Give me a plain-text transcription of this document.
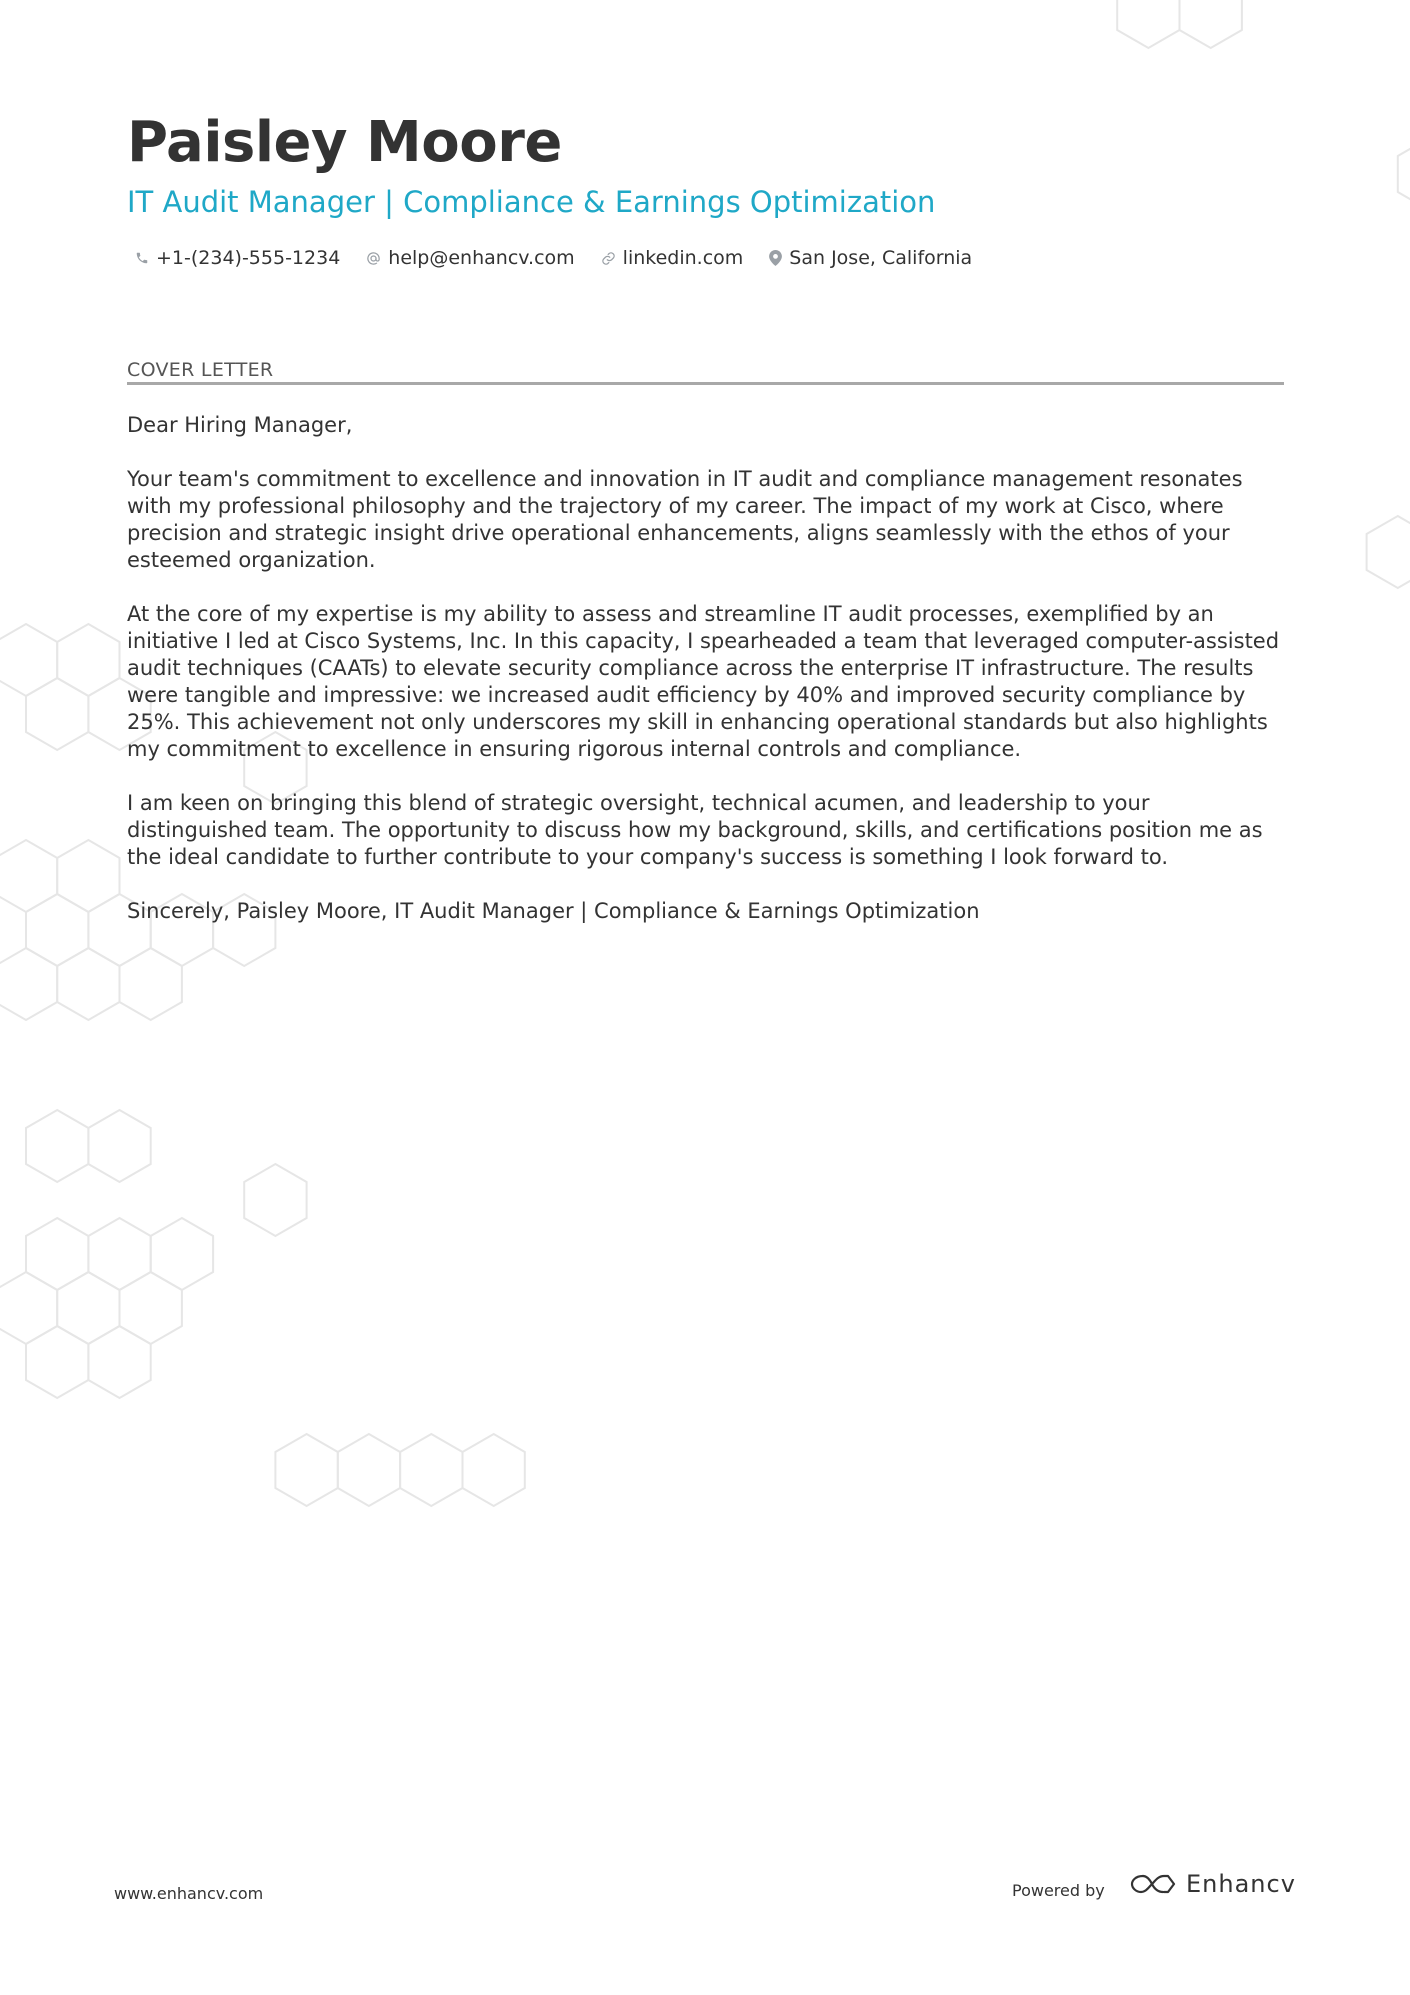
Paisley Moore
IT Audit Manager | Compliance & Earnings Optimization
+1-(234)-555-1234	help@enhancv.com	linkedin.com San Jose, California
COVER LETTER

Dear Hiring Manager,

Your team's commitment to excellence and innovation in IT audit and compliance management resonates with my professional philosophy and the trajectory of my career. The impact of my work at Cisco, where precision and strategic insight drive operational enhancements, aligns seamlessly with the ethos of your esteemed organization.

At the core of my expertise is my ability to assess and streamline IT audit processes, exemplified by an initiative I led at Cisco Systems, Inc. In this capacity, I spearheaded a team that leveraged computer-assisted audit techniques (CAATs) to elevate security compliance across the enterprise IT infrastructure. The results were tangible and impressive: we increased audit efficiency by 40% and improved security compliance by 25%. This achievement not only underscores my skill in enhancing operational standards but also highlights my commitment to excellence in ensuring rigorous internal controls and compliance.

I am keen on bringing this blend of strategic oversight, technical acumen, and leadership to your distinguished team. The opportunity to discuss how my background, skills, and certifications position me as the ideal candidate to further contribute to your company's success is something I look forward to.

Sincerely, Paisley Moore, IT Audit Manager | Compliance & Earnings Optimization

www.enhancv.com	Powered by	Enhancv
